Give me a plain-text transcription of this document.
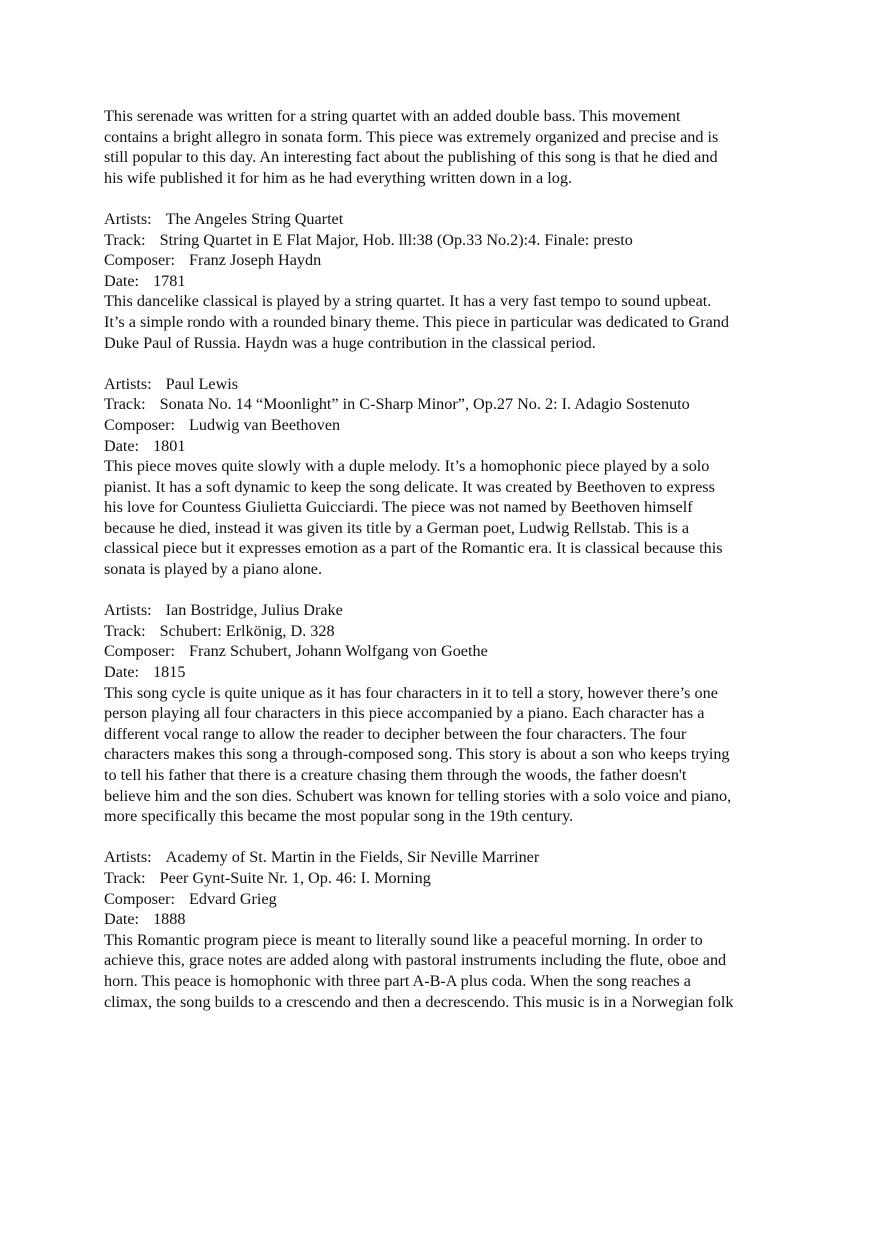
This serenade was written for a string quartet with an added double bass. This movement
contains a bright allegro in sonata form. This piece was extremely organized and precise and is
still popular to this day. An interesting fact about the publishing of this song is that he died and
his wife published it for him as he had everything written down in a log.

Artists: The Angeles String Quartet

Track: String Quartet in E Flat Major, Hob. lll:38 (Op.33 No.2):4. Finale: presto

Composer: Franz Joseph Haydn

Date: 1781

This dancelike classical is played by a string quartet. It has a very fast tempo to sound upbeat.
It’s a simple rondo with a rounded binary theme. This piece in particular was dedicated to Grand
Duke Paul of Russia. Haydn was a huge contribution in the classical period.

Artists: Paul Lewis

Track: Sonata No. 14 “Moonlight” in C-Sharp Minor”, Op.27 No. 2: I. Adagio Sostenuto

Composer: Ludwig van Beethoven

Date: 1801

This piece moves quite slowly with a duple melody. It’s a homophonic piece played by a solo
pianist. It has a soft dynamic to keep the song delicate. It was created by Beethoven to express
his love for Countess Giulietta Guicciardi. The piece was not named by Beethoven himself
because he died, instead it was given its title by a German poet, Ludwig Rellstab. This is a
classical piece but it expresses emotion as a part of the Romantic era. It is classical because this
sonata is played by a piano alone.

Artists: Ian Bostridge, Julius Drake

Track: Schubert: Erlkönig, D. 328

Composer: Franz Schubert, Johann Wolfgang von Goethe

Date: 1815

This song cycle is quite unique as it has four characters in it to tell a story, however there’s one
person playing all four characters in this piece accompanied by a piano. Each character has a
different vocal range to allow the reader to decipher between the four characters. The four
characters makes this song a through-composed song. This story is about a son who keeps trying
to tell his father that there is a creature chasing them through the woods, the father doesn't
believe him and the son dies. Schubert was known for telling stories with a solo voice and piano,
more specifically this became the most popular song in the 19th century.

Artists: Academy of St. Martin in the Fields, Sir Neville Marriner

Track: Peer Gynt-Suite Nr. 1, Op. 46: I. Morning

Composer: Edvard Grieg

Date: 1888

This Romantic program piece is meant to literally sound like a peaceful morning. In order to
achieve this, grace notes are added along with pastoral instruments including the flute, oboe and
horn. This peace is homophonic with three part A-B-A plus coda. When the song reaches a
climax, the song builds to a crescendo and then a decrescendo. This music is in a Norwegian folk
